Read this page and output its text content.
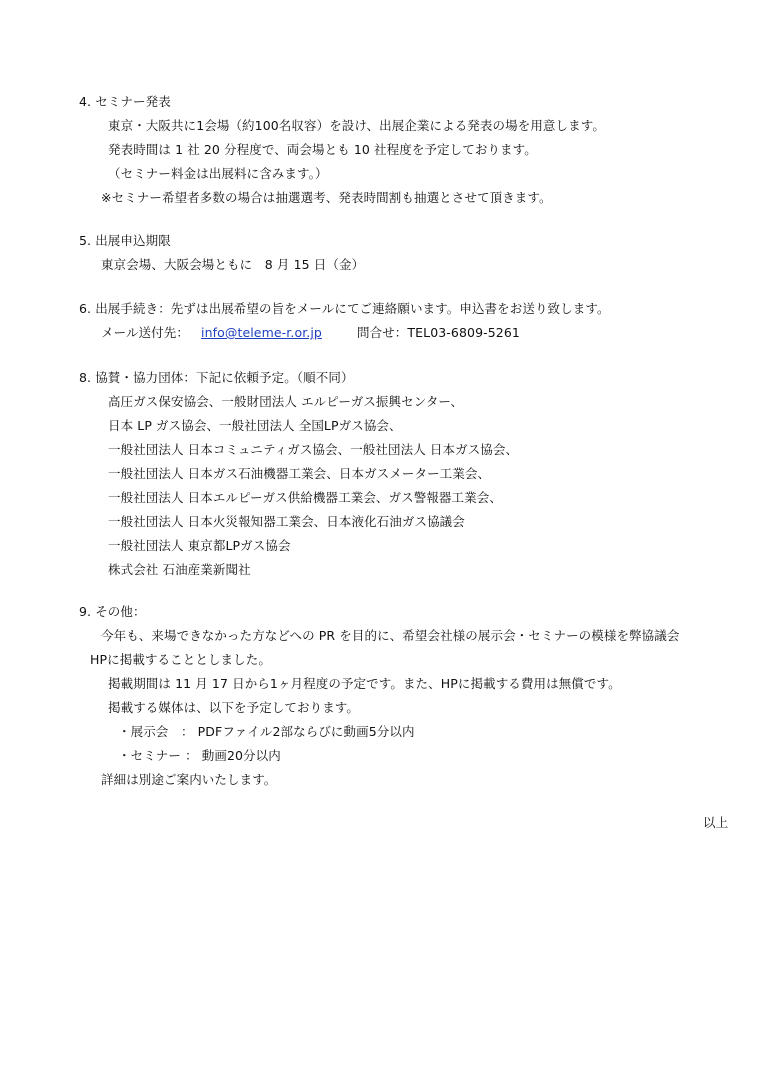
4. セミナー発表
東京・大阪共に1会場（約100名収容）を設け、出展企業による発表の場を用意します。
発表時間は 1 社 20 分程度で、両会場とも 10 社程度を予定しております。
（セミナー料金は出展料に含みます。）
※セミナー希望者多数の場合は抽選選考、発表時間割も抽選とさせて頂きます。
5. 出展申込期限
東京会場、大阪会場ともに　8 月 15 日（金）
6. 出展手続き：先ずは出展希望の旨をメールにてご連絡願います。申込書をお送り致します。
メール送付先： info@teleme-r.or.jp	問合せ：TEL03-6809-5261
8. 協賛・協力団体：下記に依頼予定。（順不同）
高圧ガス保安協会、一般財団法人 エルピーガス振興センター、
日本 LP ガス協会、一般社団法人 全国LPガス協会、
一般社団法人 日本コミュニティガス協会、一般社団法人 日本ガス協会、
一般社団法人 日本ガス石油機器工業会、日本ガスメーター工業会、
一般社団法人 日本エルピーガス供給機器工業会、ガス警報器工業会、
一般社団法人 日本火災報知器工業会、日本液化石油ガス協議会
一般社団法人 東京都LPガス協会
株式会社 石油産業新聞社
9. その他：
今年も、来場できなかった方などへの PR を目的に、希望会社様の展示会・セミナーの模様を弊協議会
HPに掲載することとしました。
掲載期間は 11 月 17 日から1ヶ月程度の予定です。また、HPに掲載する費用は無償です。
掲載する媒体は、以下を予定しております。
・展示会　： PDFファイル2部ならびに動画5分以内
・セミナー ： 動画20分以内
詳細は別途ご案内いたします。
以上
